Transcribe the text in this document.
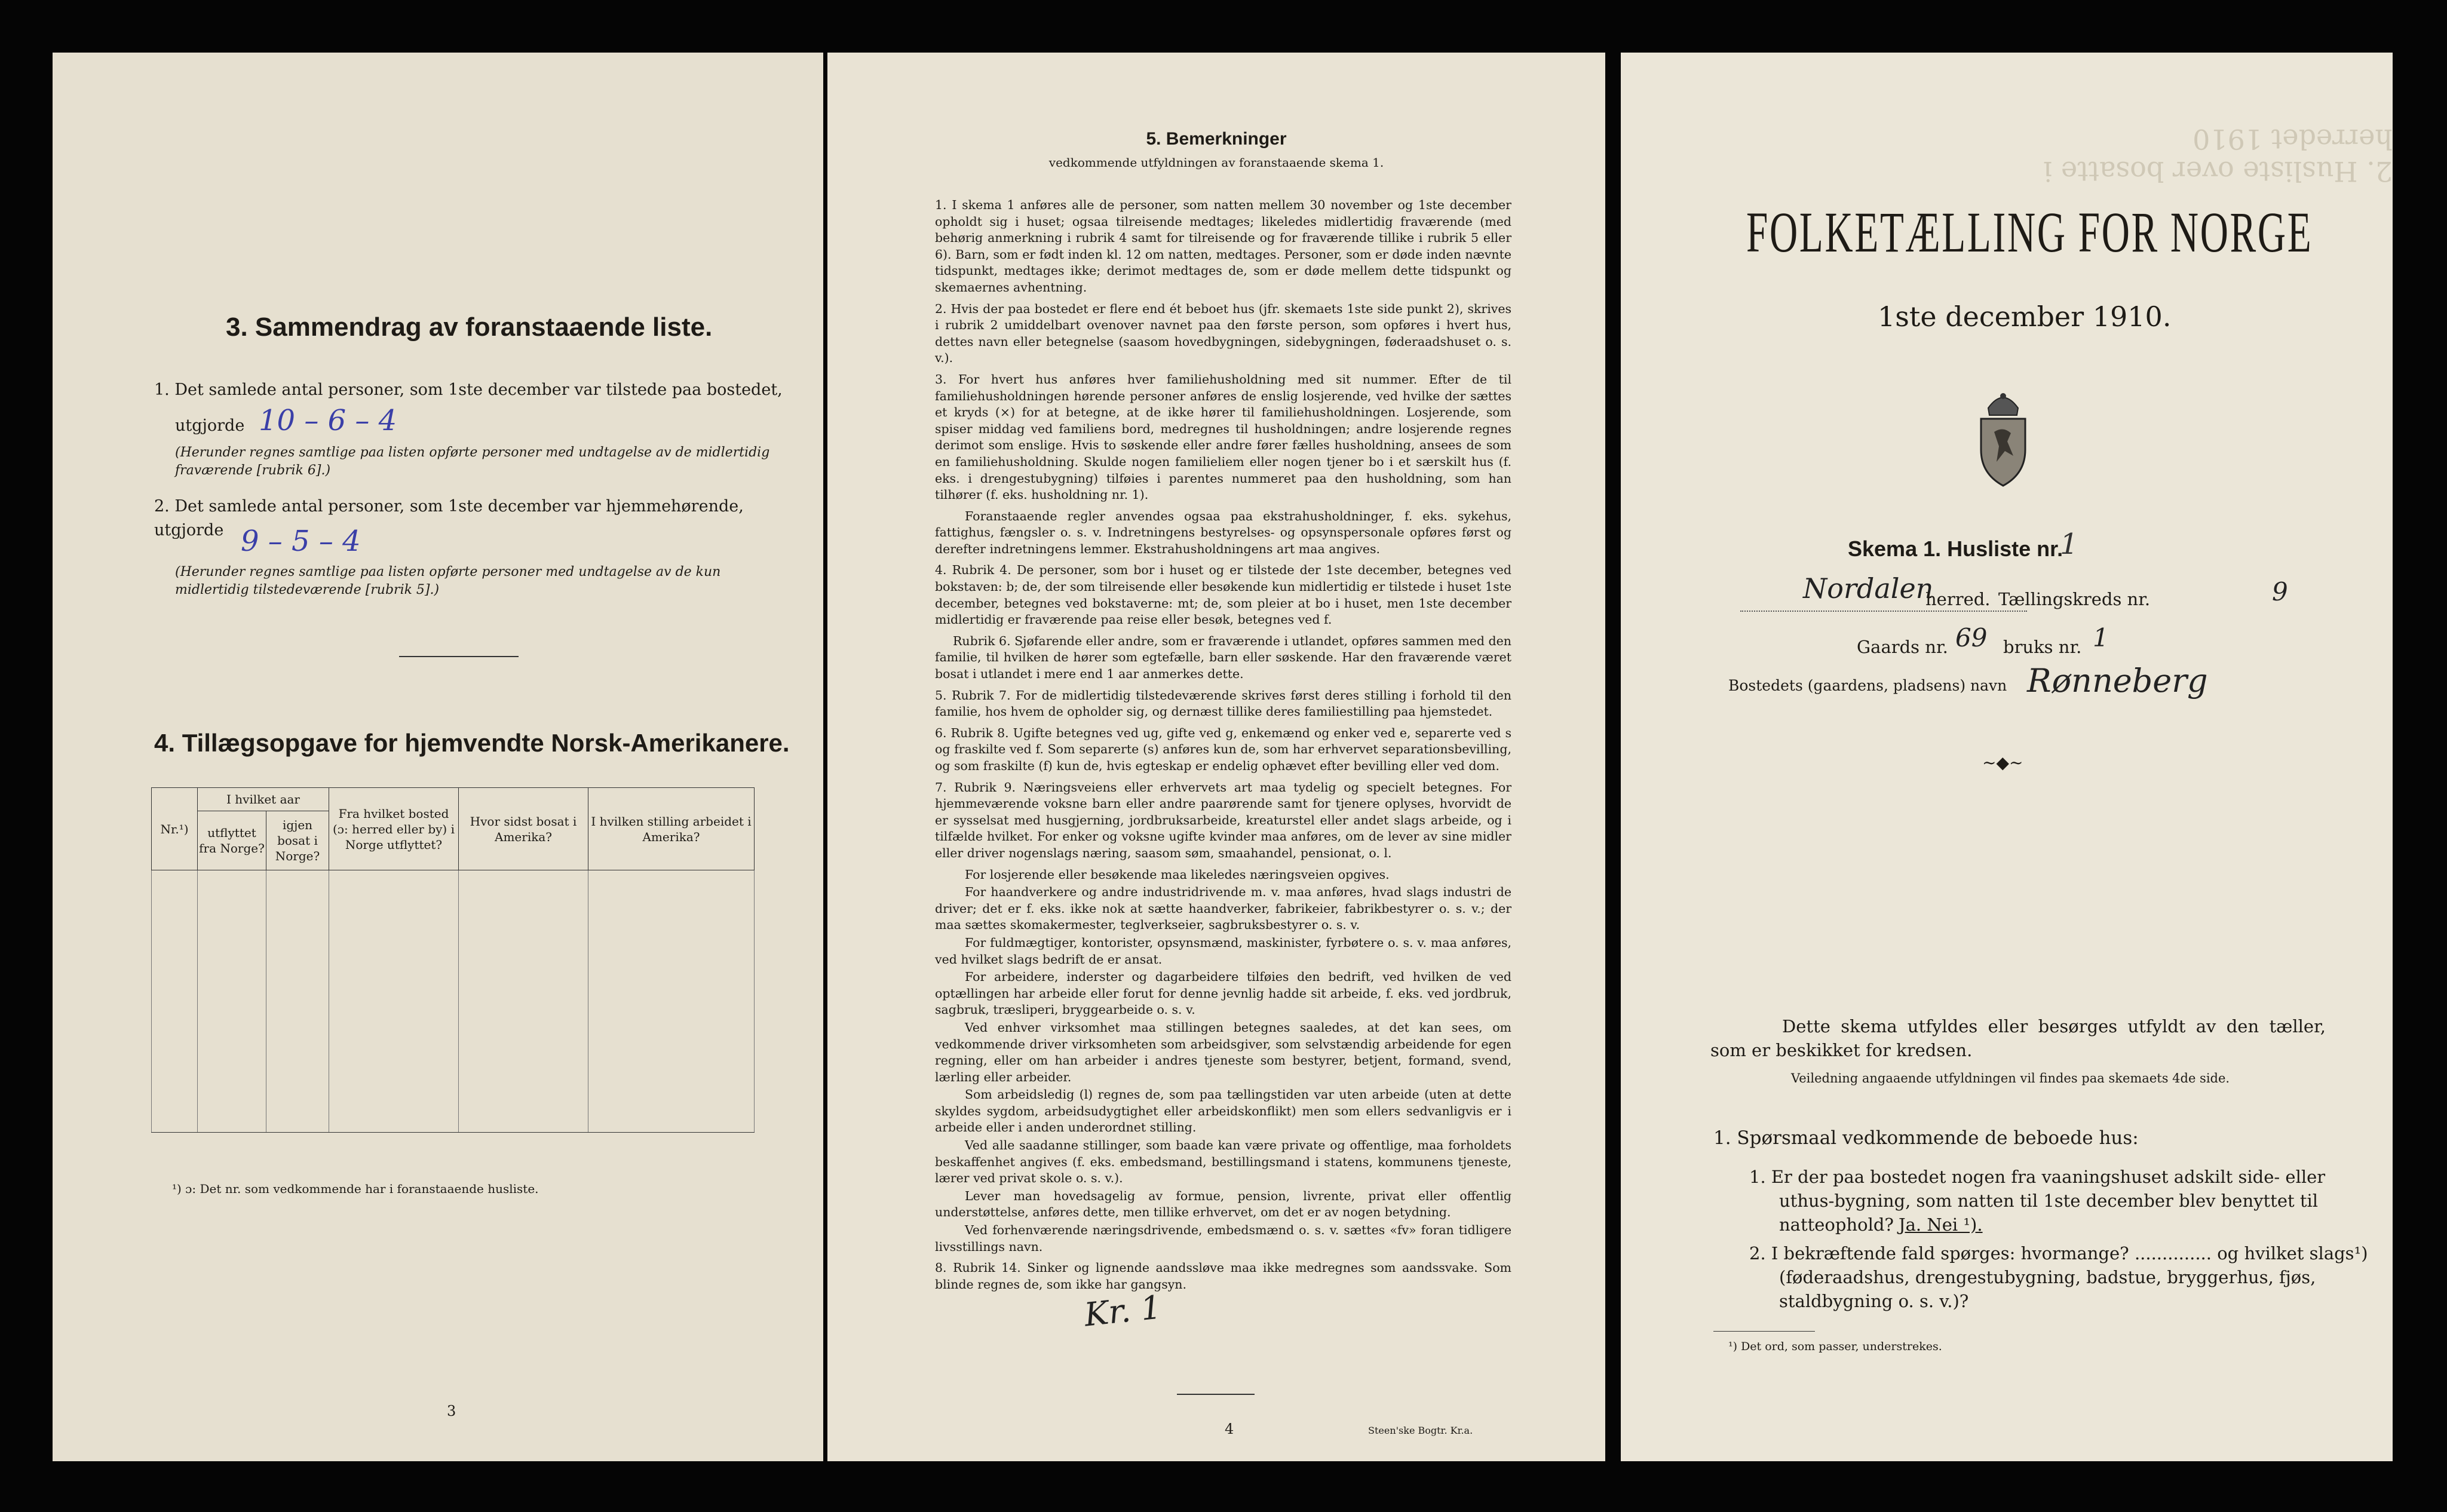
3. Sammendrag av foranstaaende liste.
1. Det samlede antal personer, som 1ste december var tilstede paa bostedet,
utgjorde 10 – 6 – 4
(Herunder regnes samtlige paa listen opførte personer med undtagelse av de midlertidig fraværende [rubrik 6].)
2. Det samlede antal personer, som 1ste december var hjemmehørende, utgjorde 9 – 5 – 4
(Herunder regnes samtlige paa listen opførte personer med undtagelse av de kun midlertidig tilstedeværende [rubrik 5].)
4. Tillægsopgave for hjemvendte Norsk-Amerikanere.
Nr.¹)	I hvilket aar		Fra hvilket bosted (ɔ: herred eller by) i Norge utflyttet?	Hvor sidst bosat i Amerika?	I hvilken stilling arbeidet i Amerika?
	utflyttet fra Norge?	igjen bosat i Norge?			

¹) ɔ: Det nr. som vedkommende har i foranstaaende husliste.
3
5. Bemerkninger
vedkommende utfyldningen av foranstaaende skema 1.

1. I skema 1 anføres alle de personer, som natten mellem 30 november og 1ste december opholdt sig i huset; ogsaa tilreisende medtages; likeledes midlertidig fraværende (med behørig anmerkning i rubrik 4 samt for tilreisende og for fraværende tillike i rubrik 5 eller 6). Barn, som er født inden kl. 12 om natten, medtages. Personer, som er døde inden nævnte tidspunkt, medtages ikke; derimot medtages de, som er døde mellem dette tidspunkt og skemaernes avhentning.

2. Hvis der paa bostedet er flere end ét beboet hus (jfr. skemaets 1ste side punkt 2), skrives i rubrik 2 umiddelbart ovenover navnet paa den første person, som opføres i hvert hus, dettes navn eller betegnelse (saasom hovedbygningen, sidebygningen, føderaadshuset o. s. v.).

3. For hvert hus anføres hver familiehusholdning med sit nummer. Efter de til familiehusholdningen hørende personer anføres de enslig losjerende, ved hvilke der sættes et kryds (×) for at betegne, at de ikke hører til familiehusholdningen. Losjerende, som spiser middag ved familiens bord, medregnes til husholdningen; andre losjerende regnes derimot som enslige. Hvis to søskende eller andre fører fælles husholdning, ansees de som en familiehusholdning. Skulde nogen familieliem eller nogen tjener bo i et særskilt hus (f. eks. i drengestubygning) tilføies i parentes nummeret paa den husholdning, som han tilhører (f. eks. husholdning nr. 1).

Foranstaaende regler anvendes ogsaa paa ekstrahusholdninger, f. eks. sykehus, fattighus, fængsler o. s. v. Indretningens bestyrelses- og opsynspersonale opføres først og derefter indretningens lemmer. Ekstrahusholdningens art maa angives.

4. Rubrik 4. De personer, som bor i huset og er tilstede der 1ste december, betegnes ved bokstaven: b; de, der som tilreisende eller besøkende kun midlertidig er tilstede i huset 1ste december, betegnes ved bokstaverne: mt; de, som pleier at bo i huset, men 1ste december midlertidig er fraværende paa reise eller besøk, betegnes ved f.

Rubrik 6. Sjøfarende eller andre, som er fraværende i utlandet, opføres sammen med den familie, til hvilken de hører som egtefælle, barn eller søskende. Har den fraværende været bosat i utlandet i mere end 1 aar anmerkes dette.

5. Rubrik 7. For de midlertidig tilstedeværende skrives først deres stilling i forhold til den familie, hos hvem de opholder sig, og dernæst tillike deres familiestilling paa hjemstedet.

6. Rubrik 8. Ugifte betegnes ved ug, gifte ved g, enkemænd og enker ved e, separerte ved s og fraskilte ved f. Som separerte (s) anføres kun de, som har erhvervet separationsbevilling, og som fraskilte (f) kun de, hvis egteskap er endelig ophævet efter bevilling eller ved dom.

7. Rubrik 9. Næringsveiens eller erhvervets art maa tydelig og specielt betegnes. For hjemmeværende voksne barn eller andre paarørende samt for tjenere oplyses, hvorvidt de er sysselsat med husgjerning, jordbruksarbeide, kreaturstel eller andet slags arbeide, og i tilfælde hvilket. For enker og voksne ugifte kvinder maa anføres, om de lever av sine midler eller driver nogenslags næring, saasom søm, smaahandel, pensionat, o. l.

For losjerende eller besøkende maa likeledes næringsveien opgives.

For haandverkere og andre industridrivende m. v. maa anføres, hvad slags industri de driver; det er f. eks. ikke nok at sætte haandverker, fabrikeier, fabrikbestyrer o. s. v.; der maa sættes skomakermester, teglverkseier, sagbruksbestyrer o. s. v.

For fuldmægtiger, kontorister, opsynsmænd, maskinister, fyrbøtere o. s. v. maa anføres, ved hvilket slags bedrift de er ansat.

For arbeidere, inderster og dagarbeidere tilføies den bedrift, ved hvilken de ved optællingen har arbeide eller forut for denne jevnlig hadde sit arbeide, f. eks. ved jordbruk, sagbruk, træsliperi, bryggearbeide o. s. v.

Ved enhver virksomhet maa stillingen betegnes saaledes, at det kan sees, om vedkommende driver virksomheten som arbeidsgiver, som selvstændig arbeidende for egen regning, eller om han arbeider i andres tjeneste som bestyrer, betjent, formand, svend, lærling eller arbeider.

Som arbeidsledig (l) regnes de, som paa tællingstiden var uten arbeide (uten at dette skyldes sygdom, arbeidsudygtighet eller arbeidskonflikt) men som ellers sedvanligvis er i arbeide eller i anden underordnet stilling.

Ved alle saadanne stillinger, som baade kan være private og offentlige, maa forholdets beskaffenhet angives (f. eks. embedsmand, bestillingsmand i statens, kommunens tjeneste, lærer ved privat skole o. s. v.).

Lever man hovedsagelig av formue, pension, livrente, privat eller offentlig understøttelse, anføres dette, men tillike erhvervet, om det er av nogen betydning.

Ved forhenværende næringsdrivende, embedsmænd o. s. v. sættes «fv» foran tidligere livsstillings navn.

8. Rubrik 14. Sinker og lignende aandssløve maa ikke medregnes som aandssvake. Som blinde regnes de, som ikke har gangsyn.

Kr. 1
4	Steen'ske Bogtr. Kr.a.
2. Husliste over bosatte i herredet 1910
FOLKETÆLLING FOR NORGE
1ste december 1910.
Skema 1. Husliste nr.
1
Nordalen
herred. Tællingskreds nr.	9
Gaards nr. 69 bruks nr. 1
Bostedets (gaardens, pladsens) navn Rønneberg
~◆~
Dette skema utfyldes eller besørges utfyldt av den tæller, som er beskikket for kredsen.
Veiledning angaaende utfyldningen vil findes paa skemaets 4de side.
1. Spørsmaal vedkommende de beboede hus:
1. Er der paa bostedet nogen fra vaaningshuset adskilt side- eller uthus-bygning, som natten til 1ste december blev benyttet til natteophold? Ja. Nei ¹).
2. I bekræftende fald spørges: hvormange? .............. og hvilket slags¹) (føderaadshus, drengestubygning, badstue, bryggerhus, fjøs, staldbygning o. s. v.)?
¹) Det ord, som passer, understrekes.
